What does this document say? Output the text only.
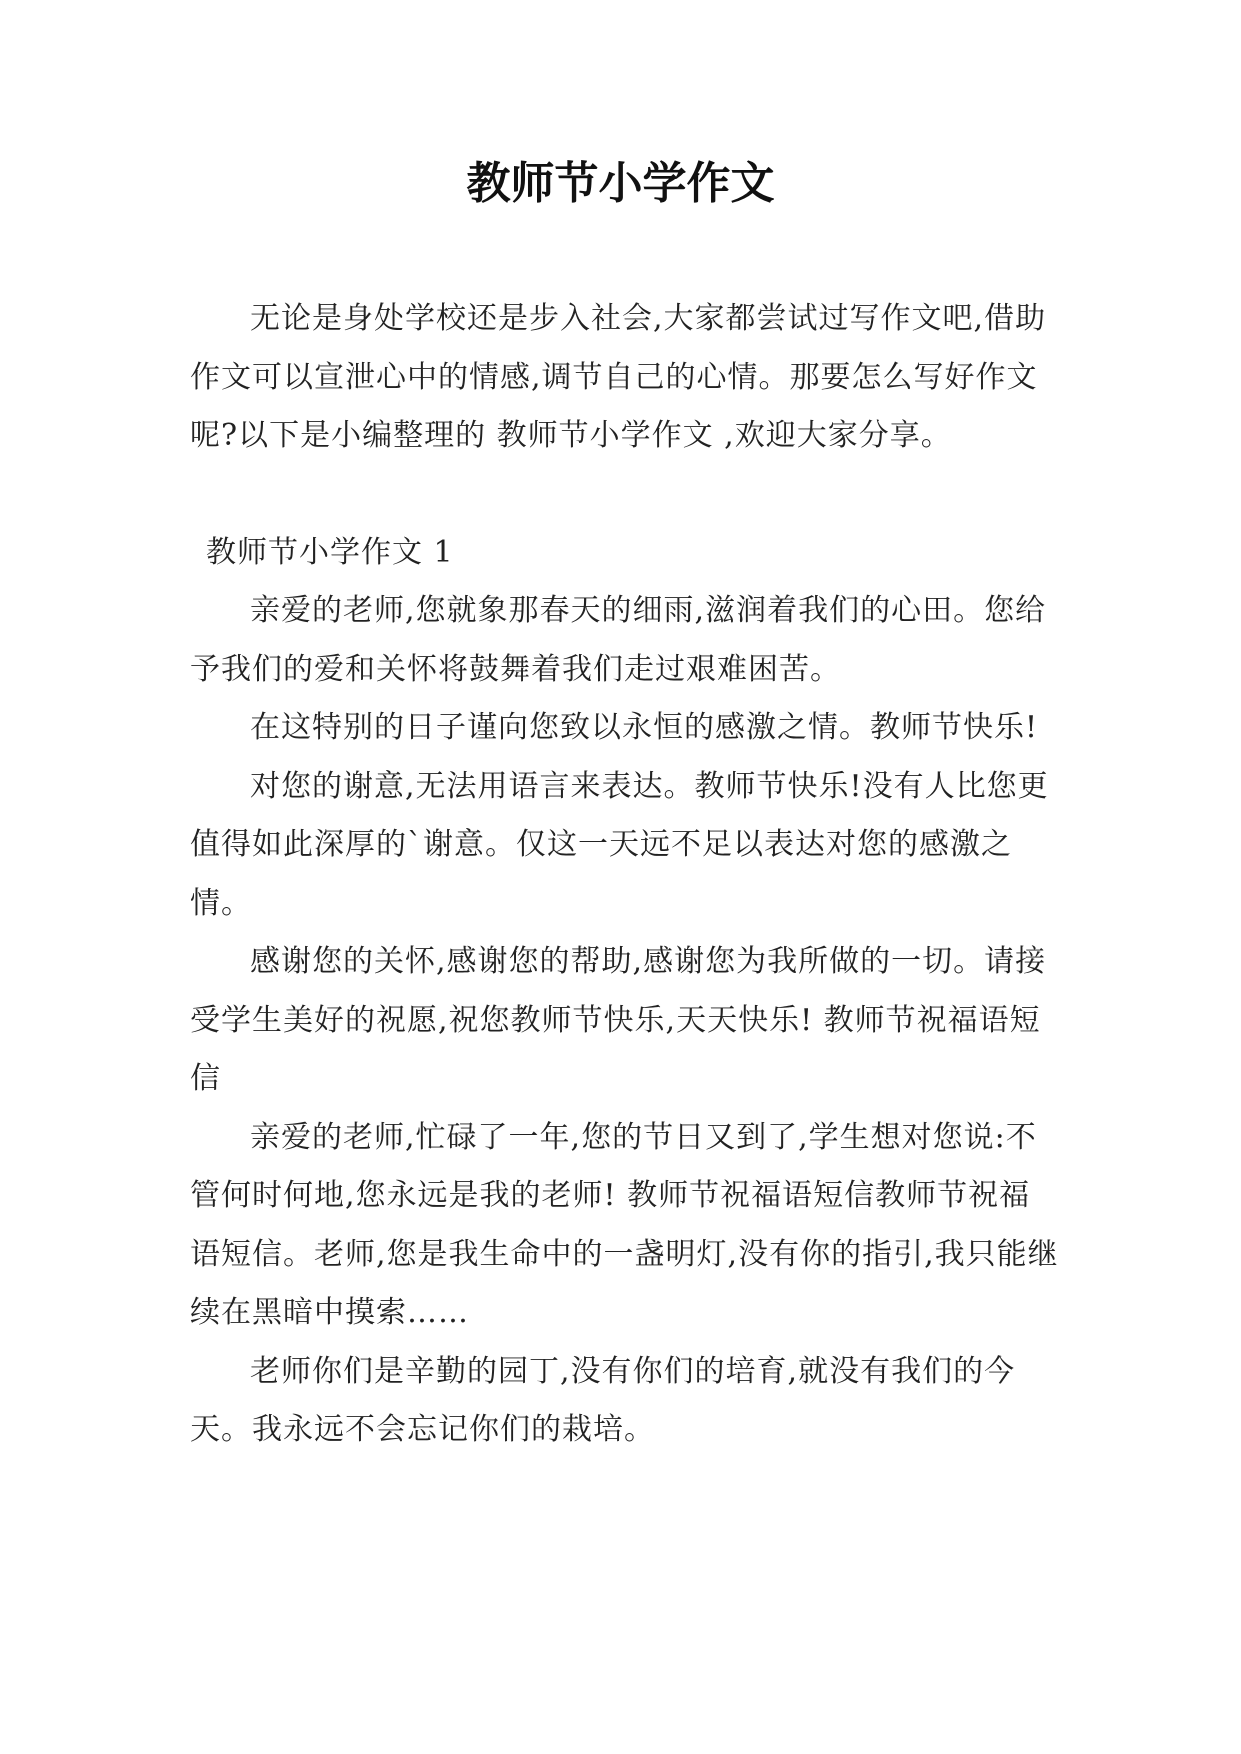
教师节小学作文

无论是身处学校还是步入社会,大家都尝试过写作文吧,借助作文可以宣泄心中的情感,调节自己的心情。那要怎么写好作文呢?以下是小编整理的 教师节小学作文 ,欢迎大家分享。

教师节小学作文 1

亲爱的老师,您就象那春天的细雨,滋润着我们的心田。您给予我们的爱和关怀将鼓舞着我们走过艰难困苦。

在这特别的日子谨向您致以永恒的感激之情。教师节快乐!

对您的谢意,无法用语言来表达。教师节快乐!没有人比您更值得如此深厚的`谢意。仅这一天远不足以表达对您的感激之情。

感谢您的关怀,感谢您的帮助,感谢您为我所做的一切。请接受学生美好的祝愿,祝您教师节快乐,天天快乐! 教师节祝福语短信

亲爱的老师,忙碌了一年,您的节日又到了,学生想对您说:不管何时何地,您永远是我的老师! 教师节祝福语短信教师节祝福语短信。老师,您是我生命中的一盏明灯,没有你的指引,我只能继续在黑暗中摸索……

老师你们是辛勤的园丁,没有你们的培育,就没有我们的今天。我永远不会忘记你们的栽培。
